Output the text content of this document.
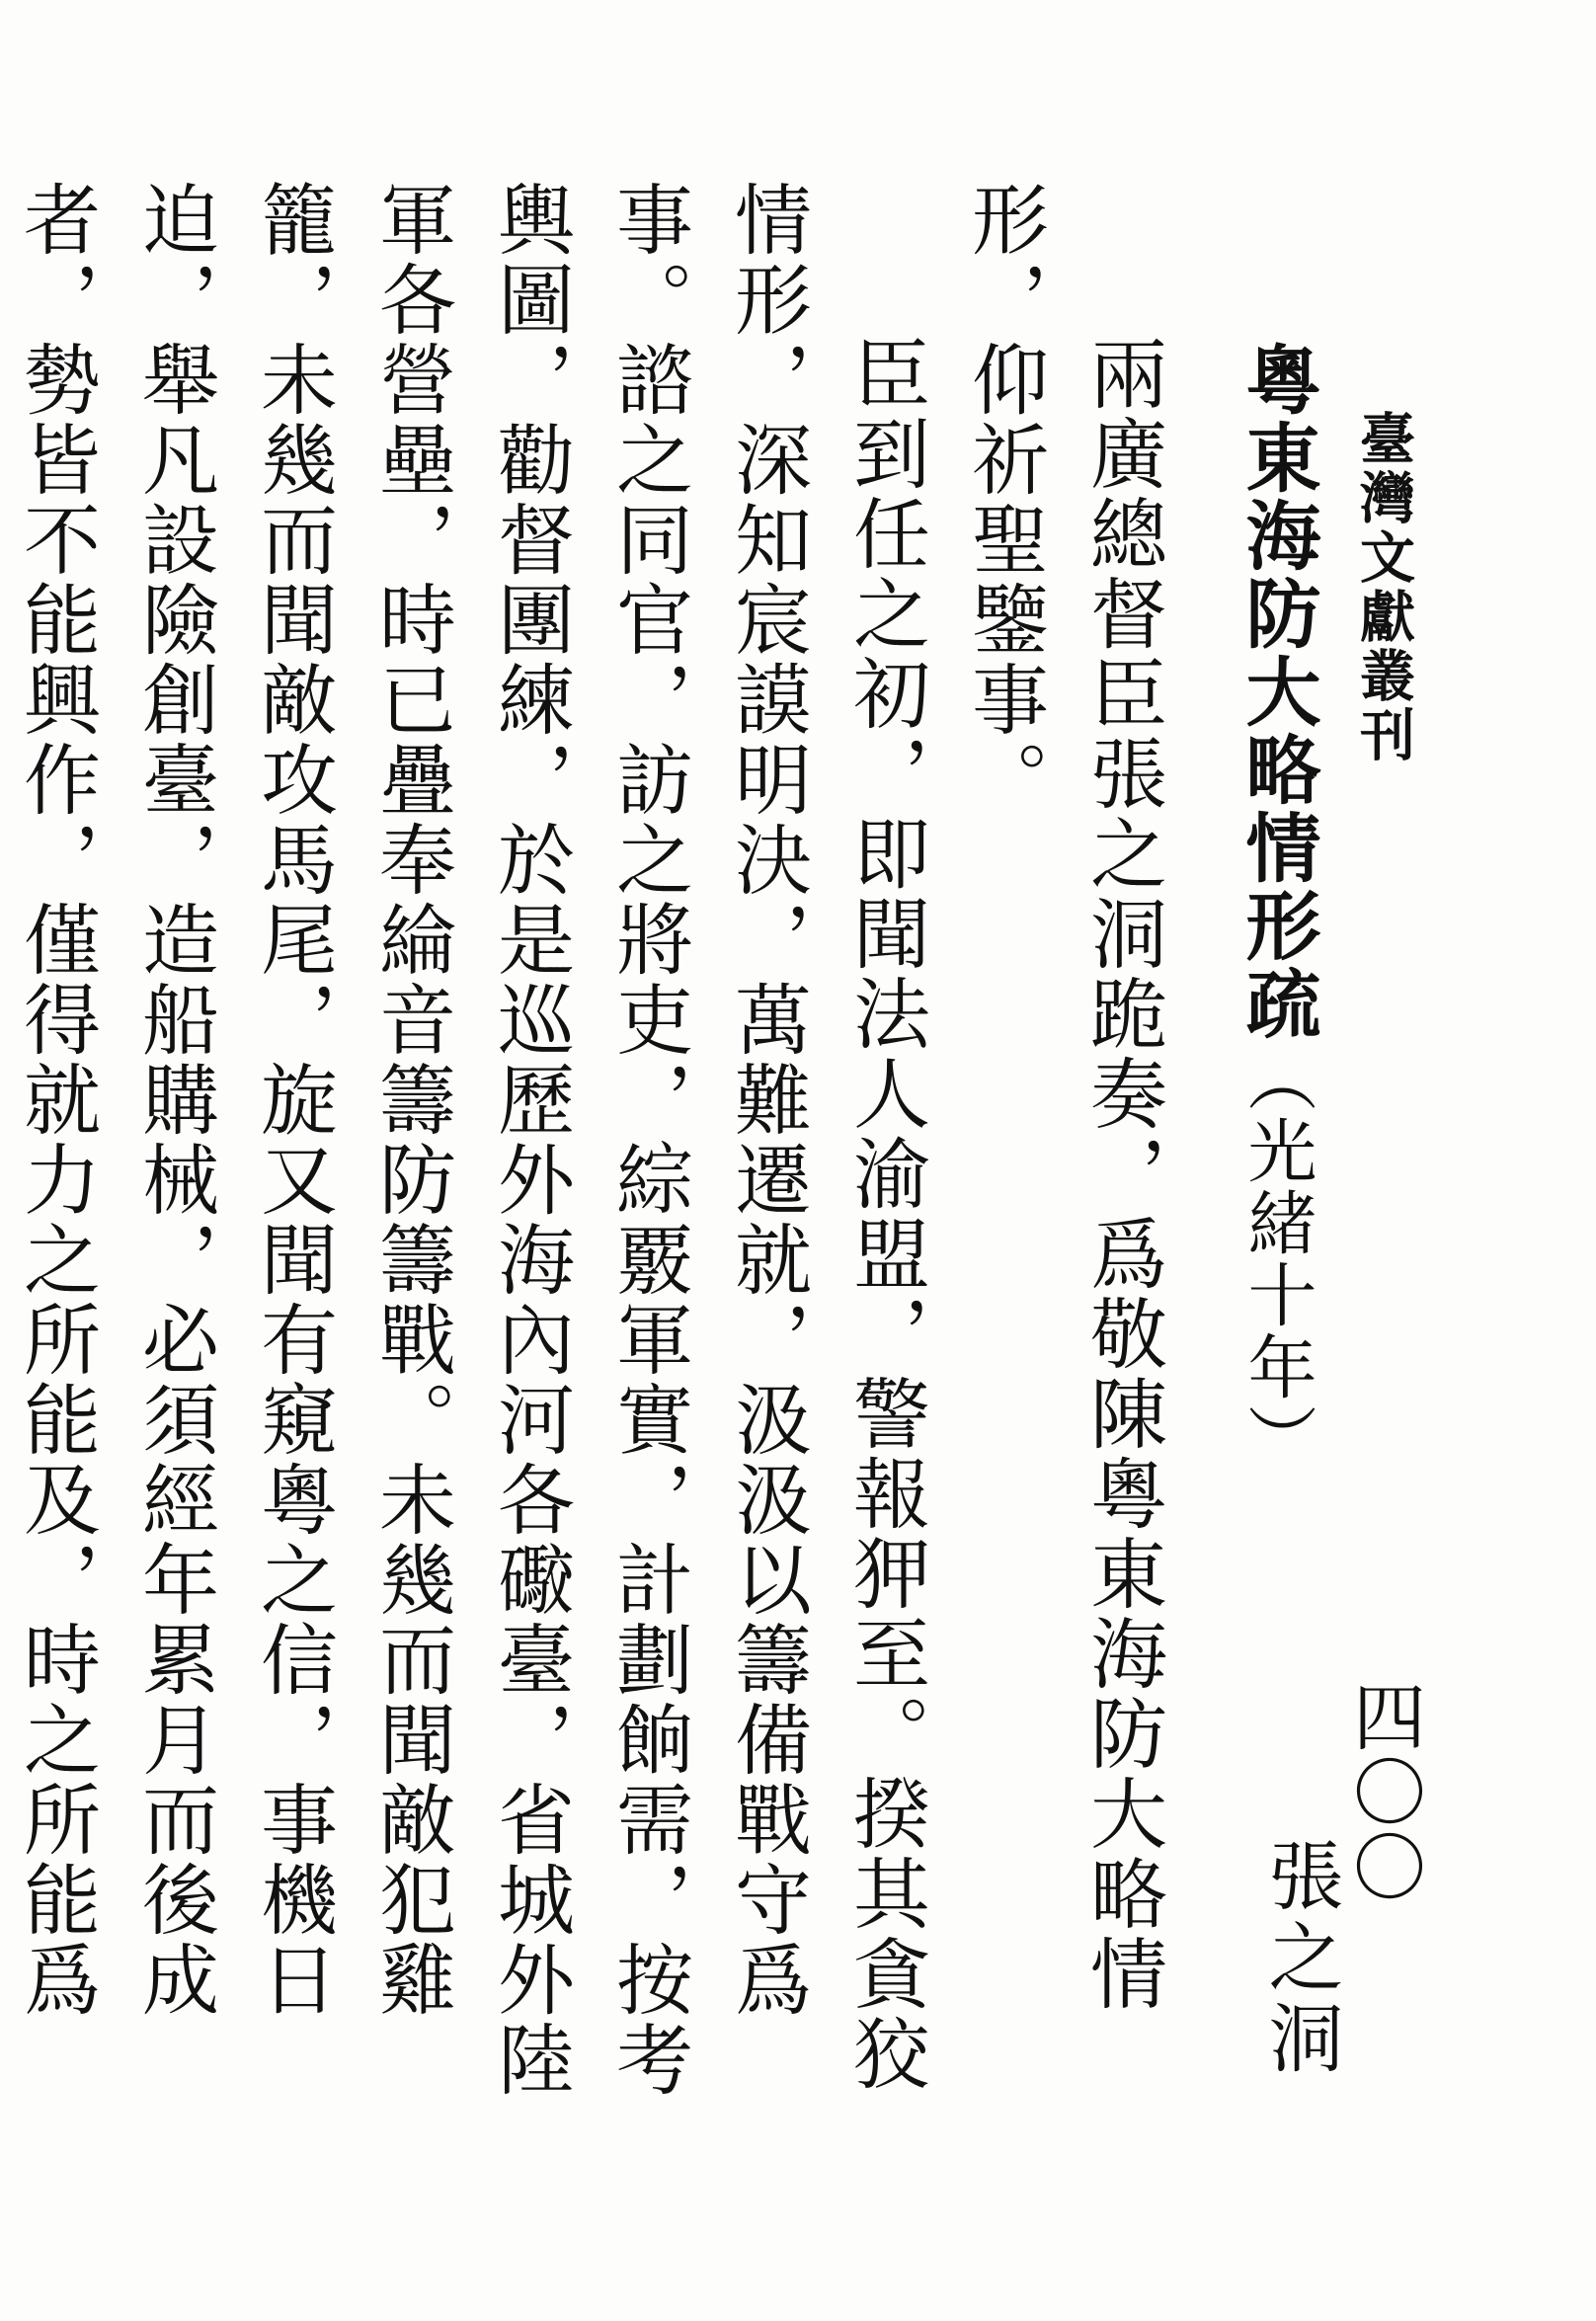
臺灣文獻叢刊
四〇〇
粵東海防大略情形疏（光緒十年）
張之洞

兩廣總督臣張之洞跪奏，爲敬陳粵東海防大略情形，仰祈聖鑒事。

臣到任之初，即聞法人渝盟，警報狎至。揆其貪狡情形，深知宸謨明決，萬難遷就，汲汲以籌備戰守爲事。諮之同官，訪之將吏，綜覈軍實，計劃餉需，按考輿圖，勸督團練，於是巡歷外海內河各礮臺，省城外陸軍各營壘，時已疊奉綸音籌防籌戰。未幾而聞敵犯雞籠，未幾而聞敵攻馬尾，旋又聞有窺粵之信，事機日迫，舉凡設險創臺，造船購械，必須經年累月而後成者，勢皆不能興作，僅得就力之所能及，時之所能爲
